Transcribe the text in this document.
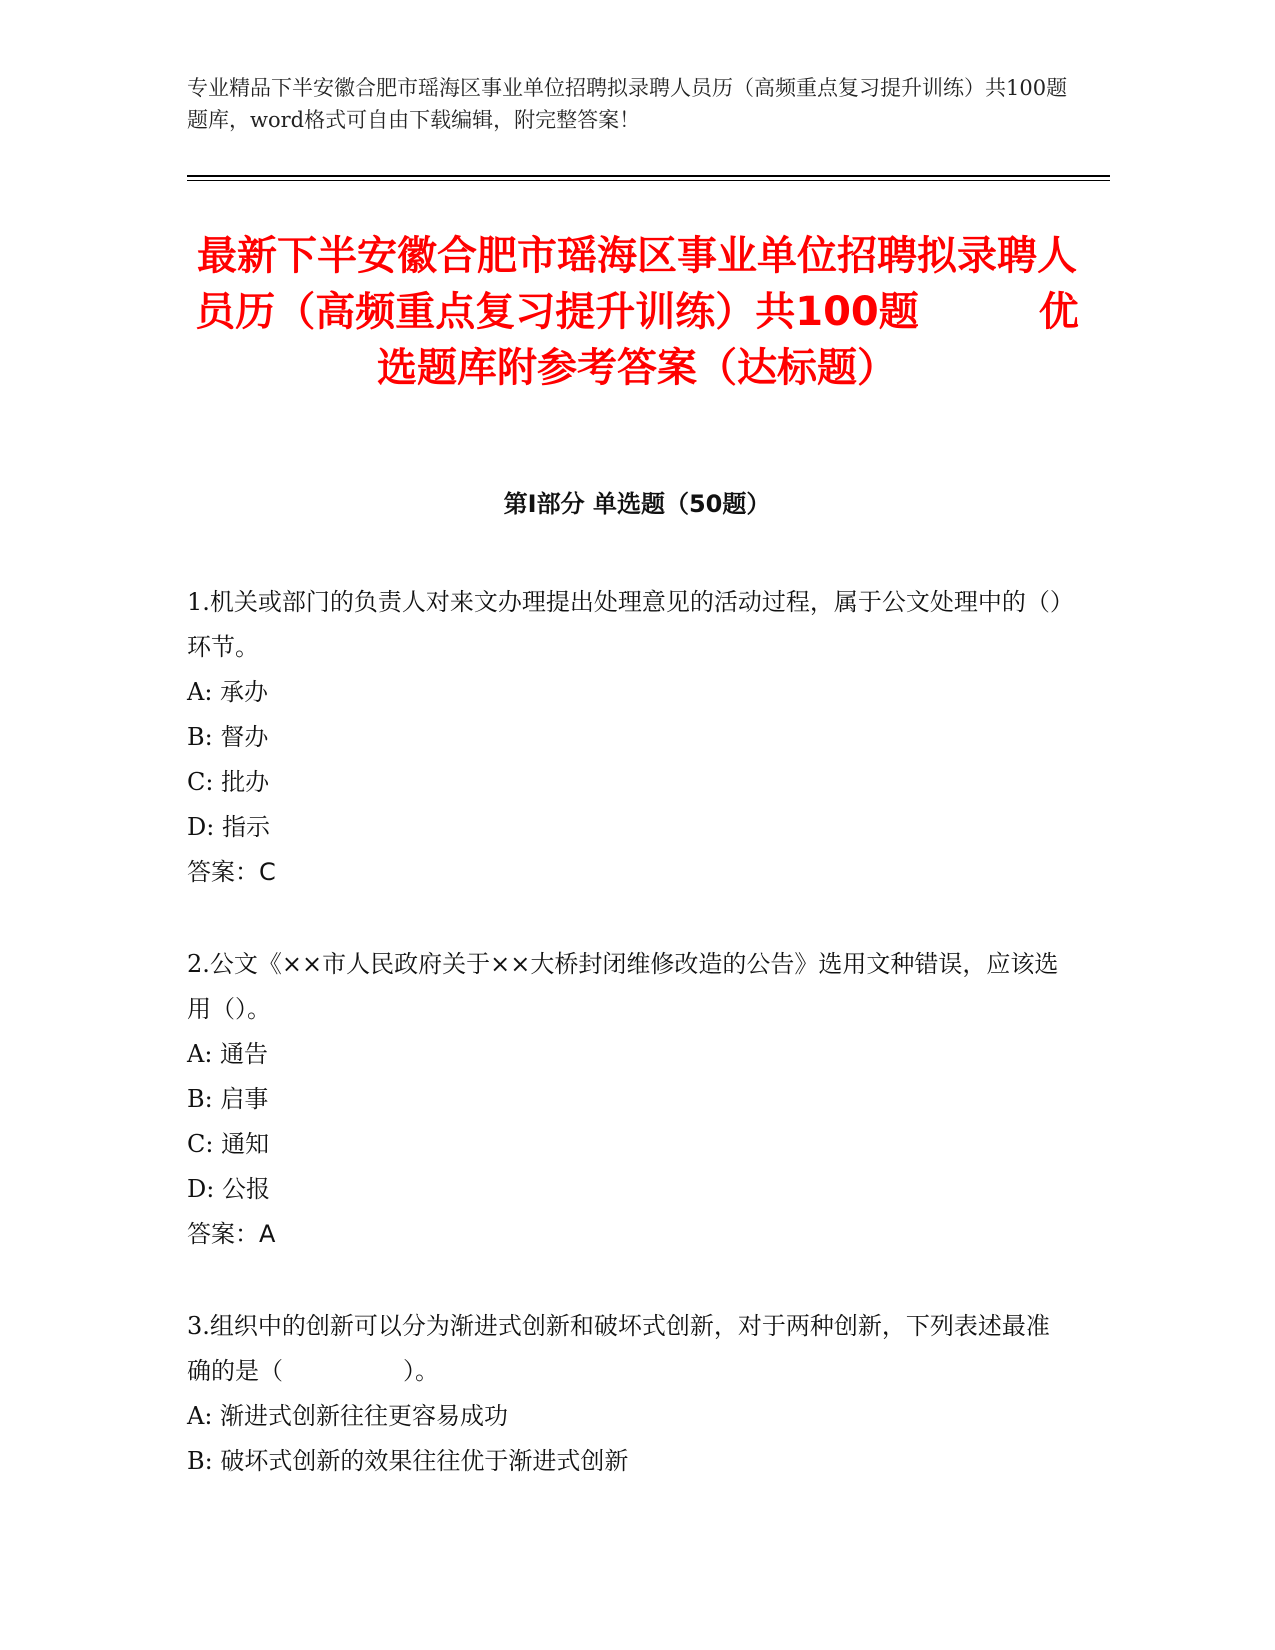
专业精品下半安徽合肥市瑶海区事业单位招聘拟录聘人员历（高频重点复习提升训练）共100题　　　题库，word格式可自由下载编辑，附完整答案！
最新下半安徽合肥市瑶海区事业单位招聘拟录聘人员历（高频重点复习提升训练）共100题　　　优选题库附参考答案（达标题）
第Ⅰ部分 单选题（50题）

1.机关或部门的负责人对来文办理提出处理意见的活动过程，属于公文处理中的（）环节。

A: 承办

B: 督办

C: 批办

D: 指示

答案：C

2.公文《××市人民政府关于××大桥封闭维修改造的公告》选用文种错误，应该选用（）。

A: 通告

B: 启事

C: 通知

D: 公报

答案：A

3.组织中的创新可以分为渐进式创新和破坏式创新，对于两种创新，下列表述最准确的是（　　　　　）。

A: 渐进式创新往往更容易成功

B: 破坏式创新的效果往往优于渐进式创新
